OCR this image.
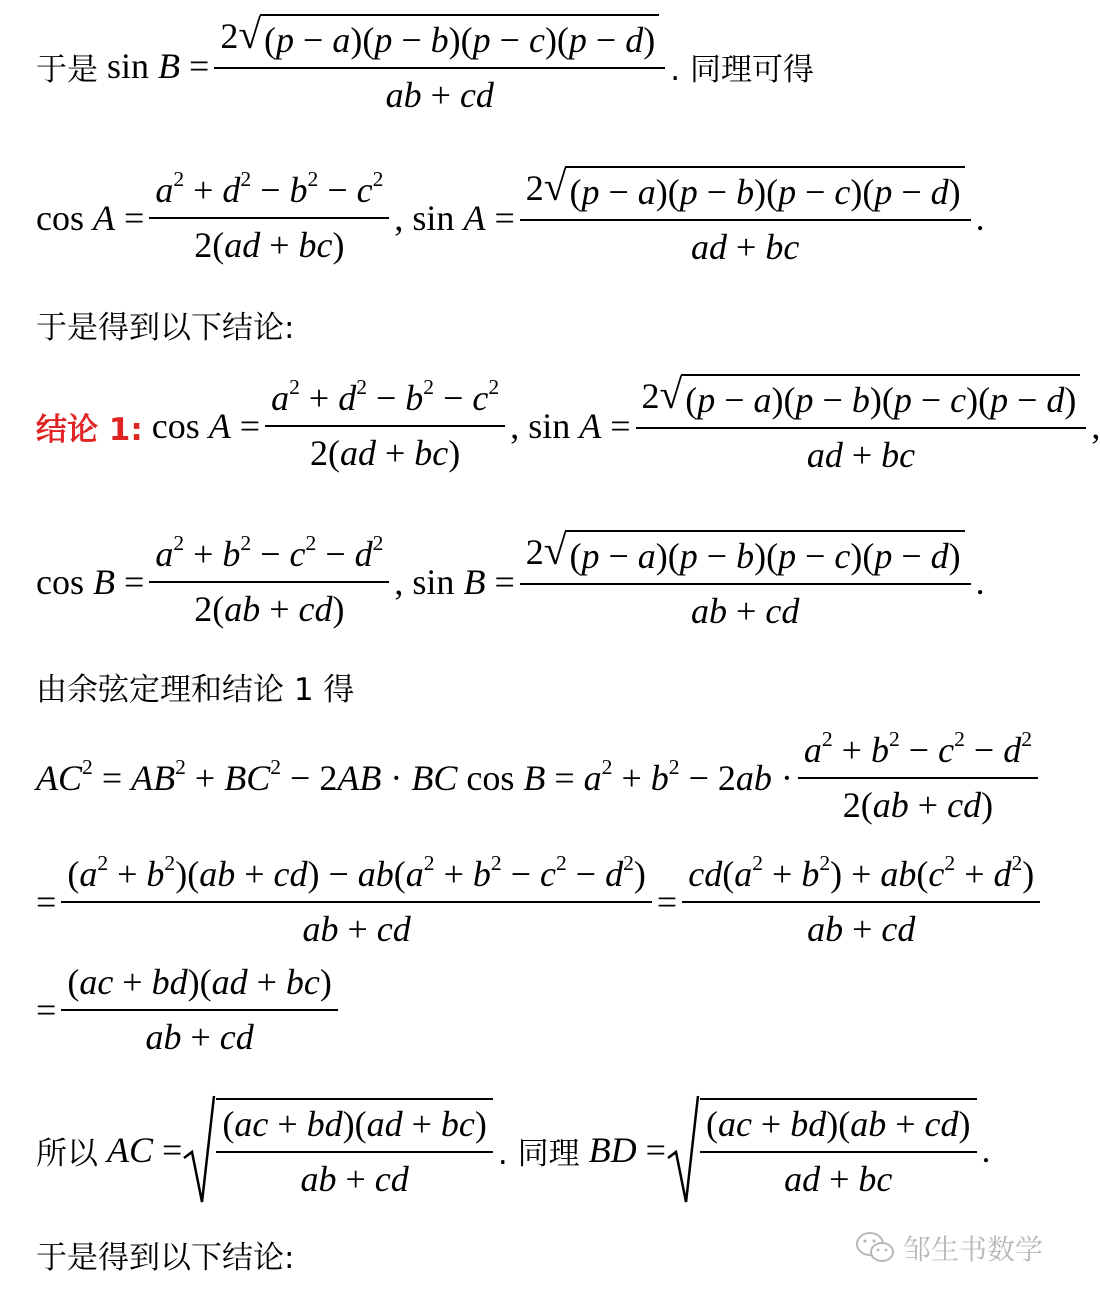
于是 $\sin B = \frac{2 √ (p - a)(p - b)(p - c)(p - d)}{ab + cd}$ . 同理可得
$\cos A = \frac{a^2 + d^2 - b^2 - c^2}{2(ad + bc)}$ , $\sin A = \frac{2 √ (p - a)(p - b)(p - c)(p - d)}{ad + bc}$ .
于是得到以下结论:
结论 1: $\cos A = \frac{a^2 + d^2 - b^2 - c^2}{2(ad + bc)}$ , $\sin A = \frac{2 √ (p - a)(p - b)(p - c)(p - d)}{ad + bc}$ ,
$\cos B = \frac{a^2 + b^2 - c^2 - d^2}{2(ab + cd)}$ , $\sin B = \frac{2 √ (p - a)(p - b)(p - c)(p - d)}{ab + cd}$ .
由余弦定理和结论 1 得
$AC^2 = AB^2 + BC^2 - 2AB$ · BC $\cos B = a^2 + b^2 - 2ab \cdot \frac{a^2 + b^2 - c^2 - d^2}{2(ab + cd)}$
= $\frac{(a^2 + b^2)(ab + cd) - ab(a^2 + b^2 - c^2 - d^2)}{ab + cd} = \frac{cd(a^2 + b^2) + ab(c^2 + d^2)}{ab + cd}$
= $\frac{(ac + bd)(ad + bc)}{ab + cd}$
所以 AC = $\frac{(ac + bd)(ad + bc)}{ab + cd}$ . 同理 BD = $\frac{(ac + bd)(ab + cd)}{ad + bc}$ .
于是得到以下结论:	邹生书数学
